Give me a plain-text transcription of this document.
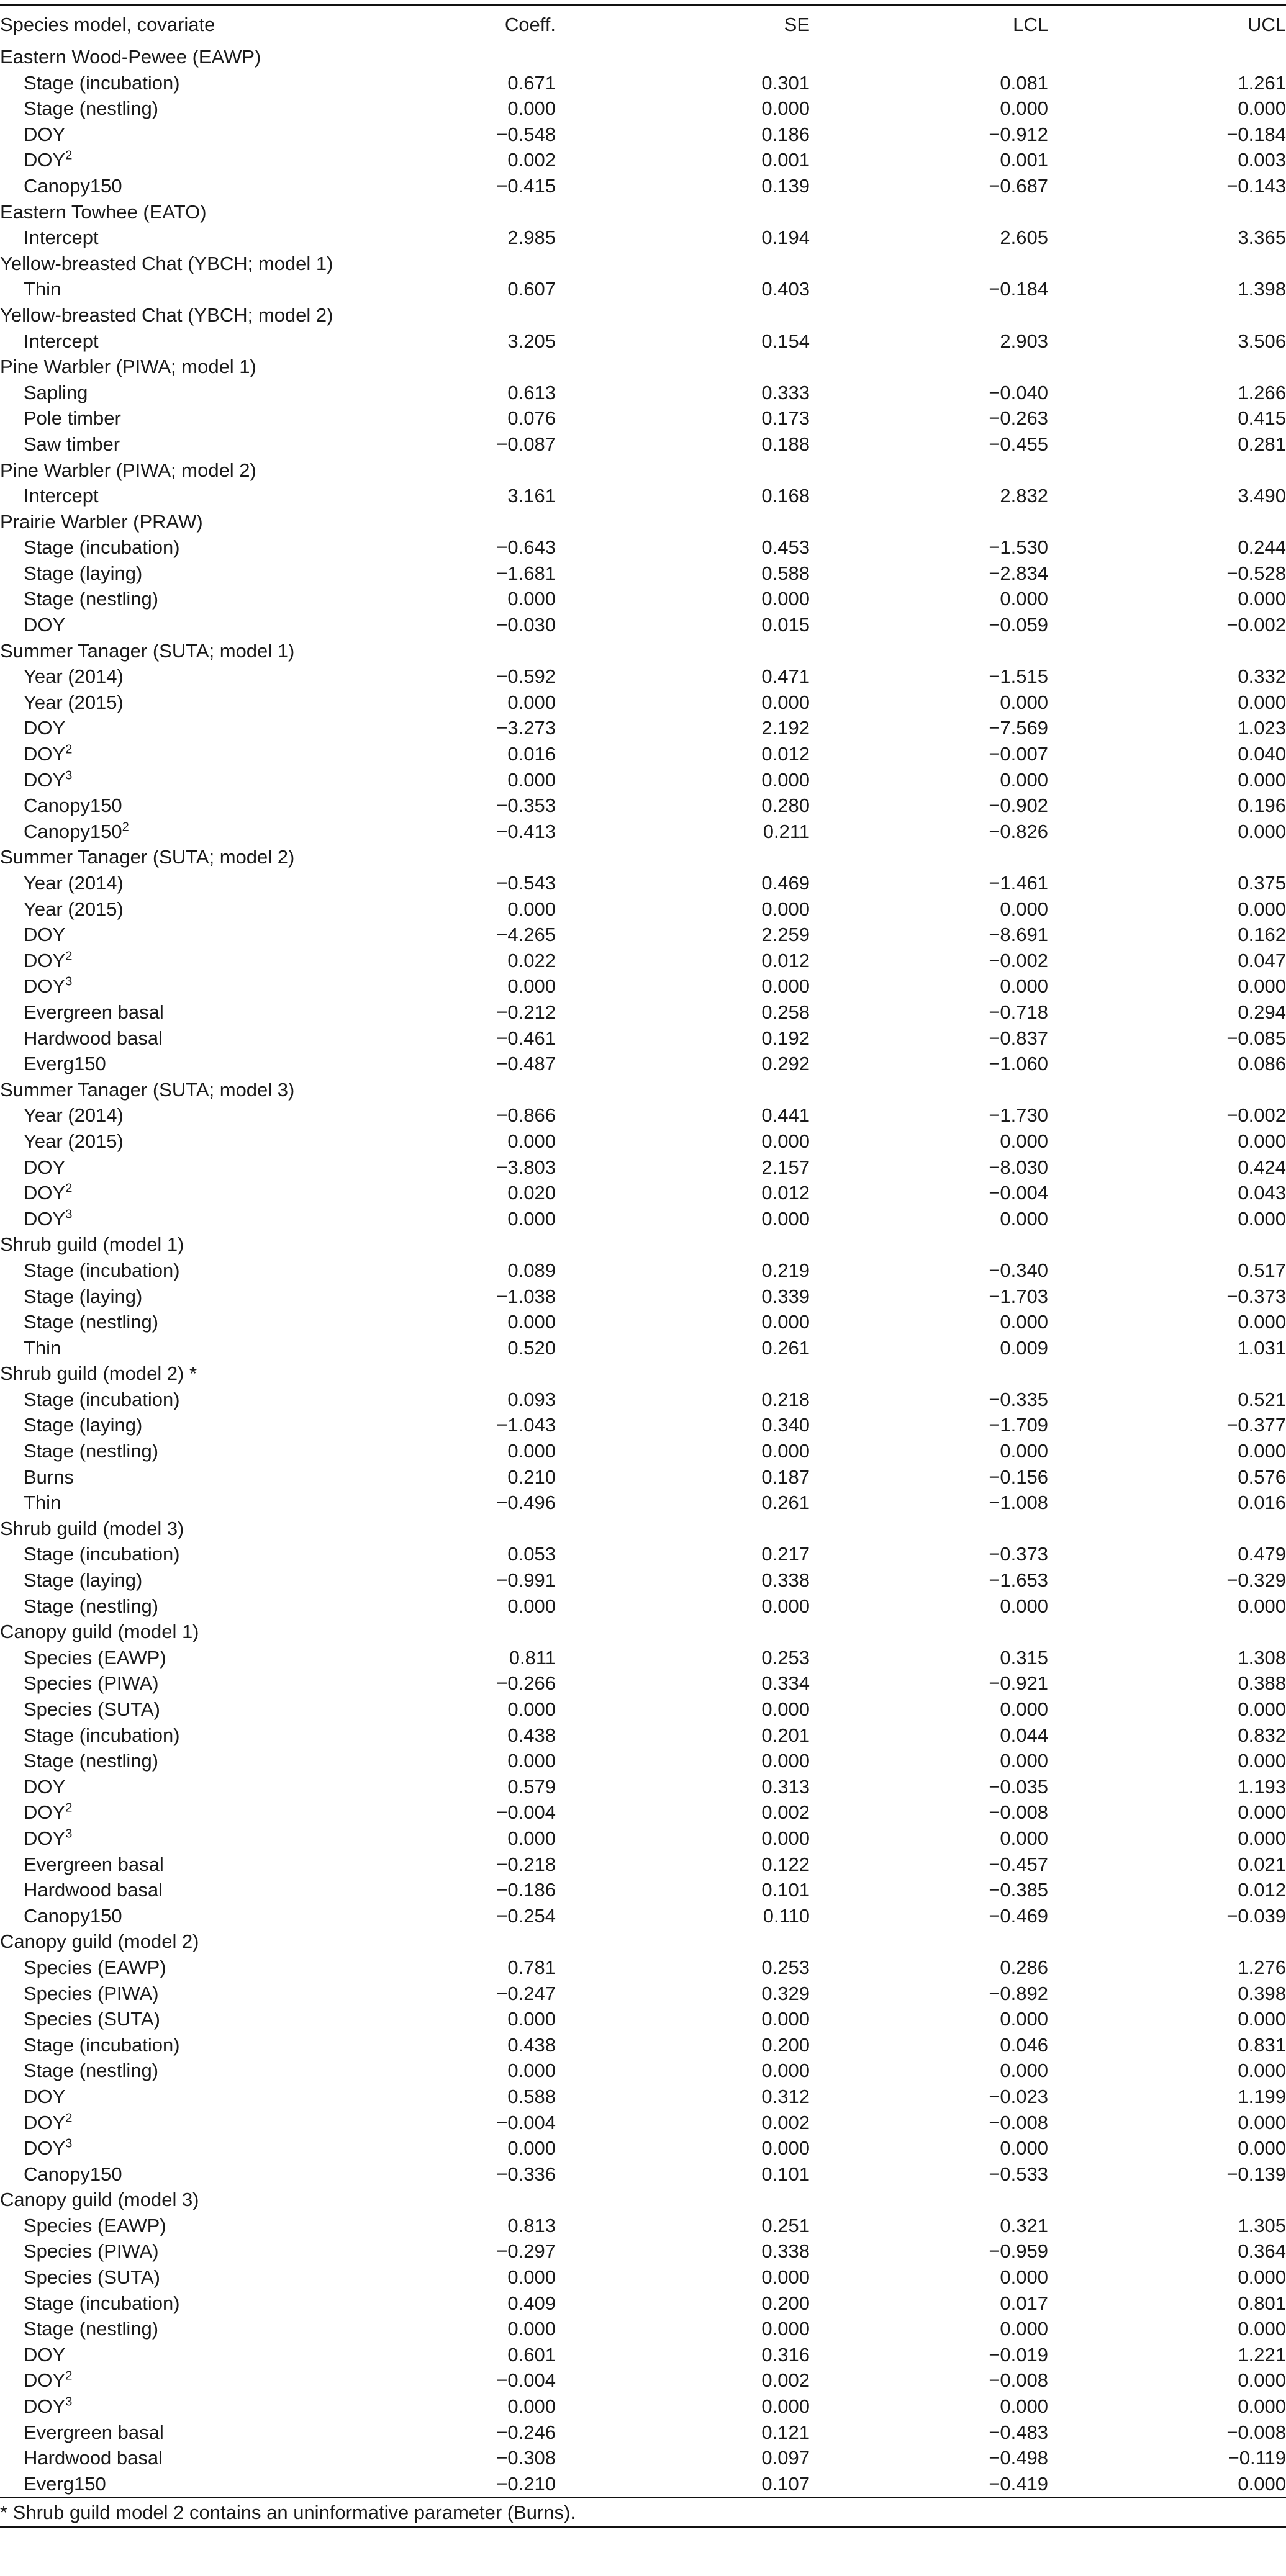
Species model, covariate	Coeff.	SE	LCL	UCL
Eastern Wood-Pewee (EAWP)				
Stage (incubation)	0.671	0.301	0.081	1.261
Stage (nestling)	0.000	0.000	0.000	0.000
DOY	−0.548	0.186	−0.912	−0.184
DOY$^2$	0.002	0.001	0.001	0.003
Canopy150	−0.415	0.139	−0.687	−0.143
Eastern Towhee (EATO)				
Intercept	2.985	0.194	2.605	3.365
Yellow-breasted Chat (YBCH; model 1)				
Thin	0.607	0.403	−0.184	1.398
Yellow-breasted Chat (YBCH; model 2)				
Intercept	3.205	0.154	2.903	3.506
Pine Warbler (PIWA; model 1)				
Sapling	0.613	0.333	−0.040	1.266
Pole timber	0.076	0.173	−0.263	0.415
Saw timber	−0.087	0.188	−0.455	0.281
Pine Warbler (PIWA; model 2)				
Intercept	3.161	0.168	2.832	3.490
Prairie Warbler (PRAW)				
Stage (incubation)	−0.643	0.453	−1.530	0.244
Stage (laying)	−1.681	0.588	−2.834	−0.528
Stage (nestling)	0.000	0.000	0.000	0.000
DOY	−0.030	0.015	−0.059	−0.002
Summer Tanager (SUTA; model 1)				
Year (2014)	−0.592	0.471	−1.515	0.332
Year (2015)	0.000	0.000	0.000	0.000
DOY	−3.273	2.192	−7.569	1.023
DOY$^2$	0.016	0.012	−0.007	0.040
DOY$^3$	0.000	0.000	0.000	0.000
Canopy150	−0.353	0.280	−0.902	0.196
$Canopy150^2$	−0.413	0.211	−0.826	0.000
Summer Tanager (SUTA; model 2)				
Year (2014)	−0.543	0.469	−1.461	0.375
Year (2015)	0.000	0.000	0.000	0.000
DOY	−4.265	2.259	−8.691	0.162
DOY$^2$	0.022	0.012	−0.002	0.047
DOY$^3$	0.000	0.000	0.000	0.000
Evergreen basal	−0.212	0.258	−0.718	0.294
Hardwood basal	−0.461	0.192	−0.837	−0.085
Everg150	−0.487	0.292	−1.060	0.086
Summer Tanager (SUTA; model 3)				
Year (2014)	−0.866	0.441	−1.730	−0.002
Year (2015)	0.000	0.000	0.000	0.000
DOY	−3.803	2.157	−8.030	0.424
DOY$^2$	0.020	0.012	−0.004	0.043
DOY$^3$	0.000	0.000	0.000	0.000
Shrub guild (model 1)				
Stage (incubation)	0.089	0.219	−0.340	0.517
Stage (laying)	−1.038	0.339	−1.703	−0.373
Stage (nestling)	0.000	0.000	0.000	0.000
Thin	0.520	0.261	0.009	1.031
Shrub guild (model 2) *				
Stage (incubation)	0.093	0.218	−0.335	0.521
Stage (laying)	−1.043	0.340	−1.709	−0.377
Stage (nestling)	0.000	0.000	0.000	0.000
Burns	0.210	0.187	−0.156	0.576
Thin	−0.496	0.261	−1.008	0.016
Shrub guild (model 3)				
Stage (incubation)	0.053	0.217	−0.373	0.479
Stage (laying)	−0.991	0.338	−1.653	−0.329
Stage (nestling)	0.000	0.000	0.000	0.000
Canopy guild (model 1)				
Species (EAWP)	0.811	0.253	0.315	1.308
Species (PIWA)	−0.266	0.334	−0.921	0.388
Species (SUTA)	0.000	0.000	0.000	0.000
Stage (incubation)	0.438	0.201	0.044	0.832
Stage (nestling)	0.000	0.000	0.000	0.000
DOY	0.579	0.313	−0.035	1.193
$DOY^2$	−0.004	0.002	−0.008	0.000
DOY$^3$	0.000	0.000	0.000	0.000
Evergreen basal	−0.218	0.122	−0.457	0.021
Hardwood basal	−0.186	0.101	−0.385	0.012
Canopy150	−0.254	0.110	−0.469	−0.039
Canopy guild (model 2)				
Species (EAWP)	0.781	0.253	0.286	1.276
Species (PIWA)	−0.247	0.329	−0.892	0.398
Species (SUTA)	0.000	0.000	0.000	0.000
Stage (incubation)	0.438	0.200	0.046	0.831
Stage (nestling)	0.000	0.000	0.000	0.000
DOY	0.588	0.312	−0.023	1.199
$DOY^2$	−0.004	0.002	−0.008	0.000
DOY$^3$	0.000	0.000	0.000	0.000
Canopy150	−0.336	0.101	−0.533	−0.139
Canopy guild (model 3)				
Species (EAWP)	0.813	0.251	0.321	1.305
Species (PIWA)	−0.297	0.338	−0.959	0.364
Species (SUTA)	0.000	0.000	0.000	0.000
Stage (incubation)	0.409	0.200	0.017	0.801
Stage (nestling)	0.000	0.000	0.000	0.000
DOY	0.601	0.316	−0.019	1.221
$DOY^2$	−0.004	0.002	−0.008	0.000
DOY$^3$	0.000	0.000	0.000	0.000
Evergreen basal	−0.246	0.121	−0.483	−0.008
Hardwood basal	−0.308	0.097	−0.498	−0.119
Everg150	−0.210	0.107	−0.419	0.000
* Shrub guild model 2 contains an uninformative parameter (Burns).
